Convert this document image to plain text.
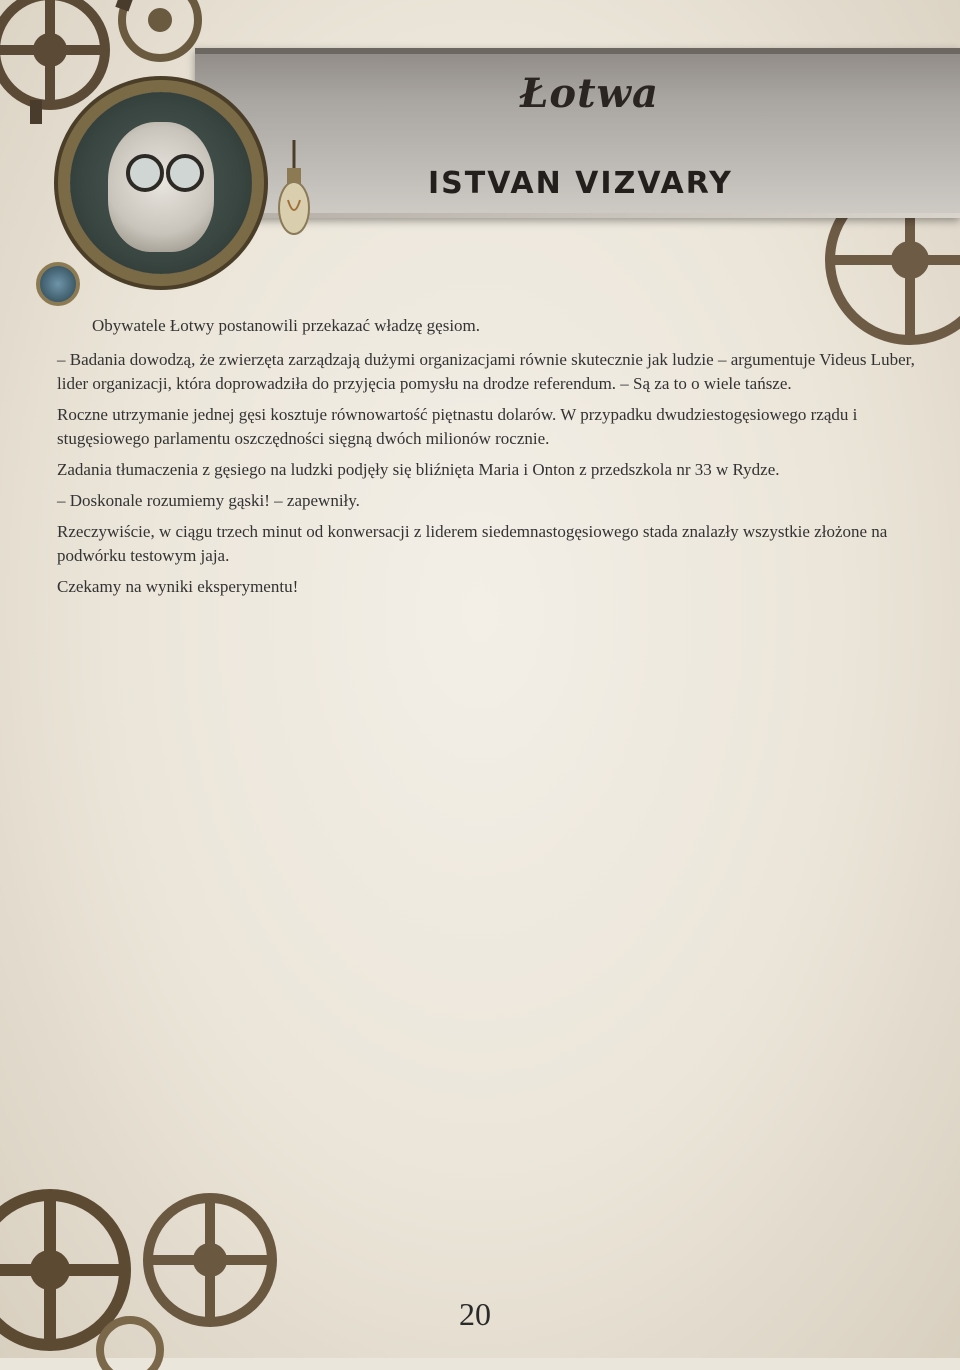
Łotwa
ISTVAN VIZVARY

Obywatele Łotwy postanowili przekazać władzę gęsiom.

– Badania dowodzą, że zwierzęta zarządzają dużymi organizacjami równie skutecznie jak ludzie – argumentuje Videus Luber, lider organizacji, która doprowadziła do przyjęcia pomysłu na drodze referendum. – Są za to o wiele tańsze.

Roczne utrzymanie jednej gęsi kosztuje równowartość piętnastu dolarów. W przypadku dwudziestogęsiowego rządu i stugęsiowego parlamentu oszczędności sięgną dwóch milionów rocznie.

Zadania tłumaczenia z gęsiego na ludzki podjęły się bliźnięta Maria i Onton z przedszkola nr 33 w Rydze.

– Doskonale rozumiemy gąski! – zapewniły.

Rzeczywiście, w ciągu trzech minut od konwersacji z liderem siedemnastogęsiowego stada znalazły wszystkie złożone na podwórku testowym jaja.

Czekamy na wyniki eksperymentu!

20
